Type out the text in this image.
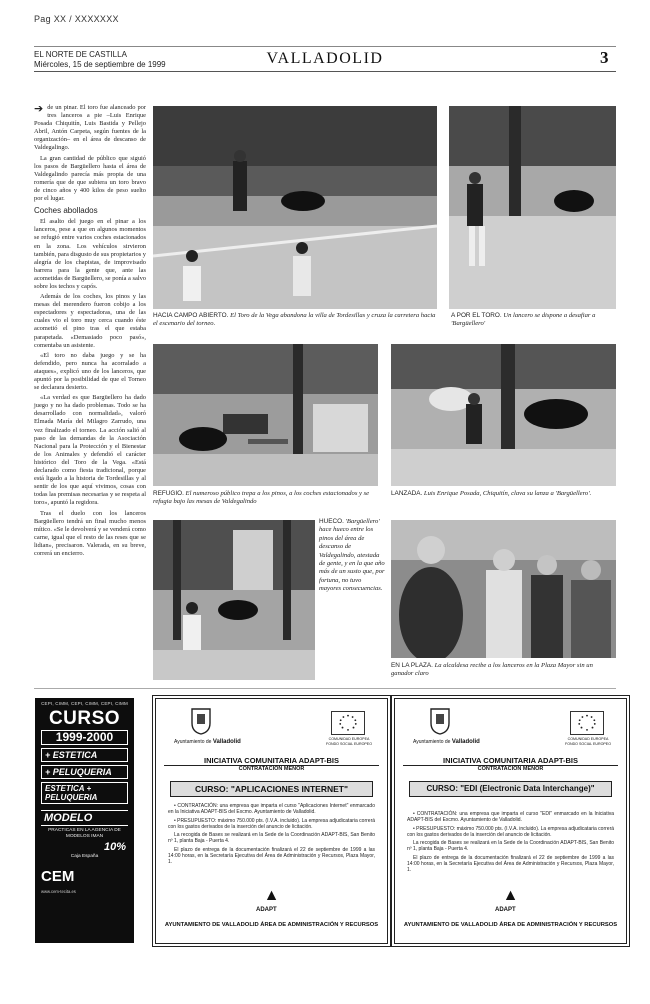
Pag XX / XXXXXXX
EL NORTE DE CASTILLA
Miércoles, 15 de septiembre de 1999	VALLADOLID	3

➔ de un pinar. El toro fue alanceado por tres lanceros a pie –Luis Enrique Posada Chiquitín, Luis Bastida y Pellejo Abril, Antón Carpeta, según fuentes de la organización– en el área de descanso de Valdegalingo.

La gran cantidad de público que siguió los pasos de Bargüellero hasta el área de Valdegalindo parecía más propia de una romería que de que subiera un toro bravo de cinco años y 400 kilos de peso suelto por el lugar.

Coches abollados

El asalto del juego en el pinar a los lanceros, pese a que en algunos momentos se refugió entre varios coches estacionados en la zona. Los vehículos sirvieron también, para disgusto de sus propietarios y alegría de los chapistas, de improvisado barrera para la gente que, ante las acometidas de Bargüellero, se ponía a salvo sobre los techos y capós.

Además de los coches, los pinos y las mesas del merendero fueron cobijo a los espectadores y espectadoras, una de las cuales vio el toro muy cerca cuando éste acometió el pino tras el que estaba parapetada. «Demasiado poco pasó», comentaba un asistente.

«El toro no daba juego y se ha defendido, pero nunca ha acorralado a ataques», explicó uno de los lanceros, que apuntó por la posibilidad de que el Torneo se declarara desierto.

«La verdad es que Bargüellero ha dado juego y no ha dado problemas. Todo se ha desarrollado con normalidad», valoró Elmada María del Milagro Zarrudo, una vez finalizado el torneo. La acción salió al paso de las demandas de la Asociación Nacional para la Protección y el Bienestar de los Animales y defendió el carácter histórico del Toro de la Vega. «Está declarado como fiesta tradicional, porque está ligado a la historia de Tordesillas y al sentir de los que aquí vivimos, cosas con todas las premisas necesarias y se respeta al toro», apuntó la regidora.

Tras el duelo con los lanceros Bargüellero tendrá un final mucho menos mítico. «Se le devolverá y se venderá como carne, igual que el resto de las reses que se lidian», precisaron. Valerada, en su breve, correrá un encierro.

HACIA CAMPO ABIERTO. El Toro de la Vega abandona la villa de Tordesillas y cruza la carretera hacia el escenario del torneo.
A POR EL TORO. Un lancero se dispone a desafiar a 'Bargüellero'
REFUGIO. El numeroso público trepa a los pinos, a los coches estacionados y se refugia bajo las mesas de Valdegalindo
LANZADA. Luis Enrique Posada, Chiquitín, clava su lanza a 'Bargüellero'.
HUECO. 'Bargüellero' hace hueco entre los pinos del área de descanso de Valdegalindo, atestada de gente, y en la que año más de un susto que, por fortuna, no tuvo mayores consecuencias.
EN LA PLAZA. La alcaldesa recibe a los lanceros en la Plaza Mayor sin un ganador claro
CEPI, CIMM, CEPI, CIMM, CEPI, CIMM
CURSO
1999-2000
+ ESTETICA
+ PELUQUERIA
ESTETICA + PELUQUERIA
MODELO
PRACTICAS EN LA AGENCIA DE MODELOS IMAN
10%
Caja España
CEM
www.cem-tecita.es
Ayuntamiento de Valladolid	COMUNIDAD EUROPEA FONDO SOCIAL EUROPEO
INICIATIVA COMUNITARIA ADAPT-BIS
CONTRATACIÓN MENOR
CURSO: "APLICACIONES INTERNET"

• CONTRATACIÓN: una empresa que imparta el curso "Aplicaciones Internet" enmarcado en la Iniciativa ADAPT-BIS del Excmo. Ayuntamiento de Valladolid.

• PRESUPUESTO: máximo 750.000 pts. (I.V.A. incluido). La empresa adjudicataria correrá con los gastos derivados de la inserción del anuncio de licitación.

La recogida de Bases se realizará en la Sede de la Coordinación ADAPT-BIS, San Benito nº 1, planta Baja - Puerta 4.

El plazo de entrega de la documentación finalizará el 22 de septiembre de 1999 a las 14:00 horas, en la Secretaría Ejecutiva del Área de Administración y Recursos, Plaza Mayor, 1.

▲
ADAPT
AYUNTAMIENTO DE VALLADOLID ÁREA DE ADMINISTRACIÓN Y RECURSOS
Ayuntamiento de Valladolid	COMUNIDAD EUROPEA FONDO SOCIAL EUROPEO
INICIATIVA COMUNITARIA ADAPT-BIS
CONTRATACIÓN MENOR
CURSO: "EDI (Electronic Data Interchange)"

• CONTRATACIÓN: una empresa que imparta el curso "EDI" enmarcado en la Iniciativa ADAPT-BIS del Excmo. Ayuntamiento de Valladolid.

• PRESUPUESTO: máximo 750.000 pts. (I.V.A. incluido). La empresa adjudicataria correrá con los gastos derivados de la inserción del anuncio de licitación.

La recogida de Bases se realizará en la Sede de la Coordinación ADAPT-BIS, San Benito nº 1, planta Baja - Puerta 4.

El plazo de entrega de la documentación finalizará el 22 de septiembre de 1999 a las 14:00 horas, en la Secretaría Ejecutiva del Área de Administración y Recursos, Plaza Mayor, 1.

▲
ADAPT
AYUNTAMIENTO DE VALLADOLID ÁREA DE ADMINISTRACIÓN Y RECURSOS
